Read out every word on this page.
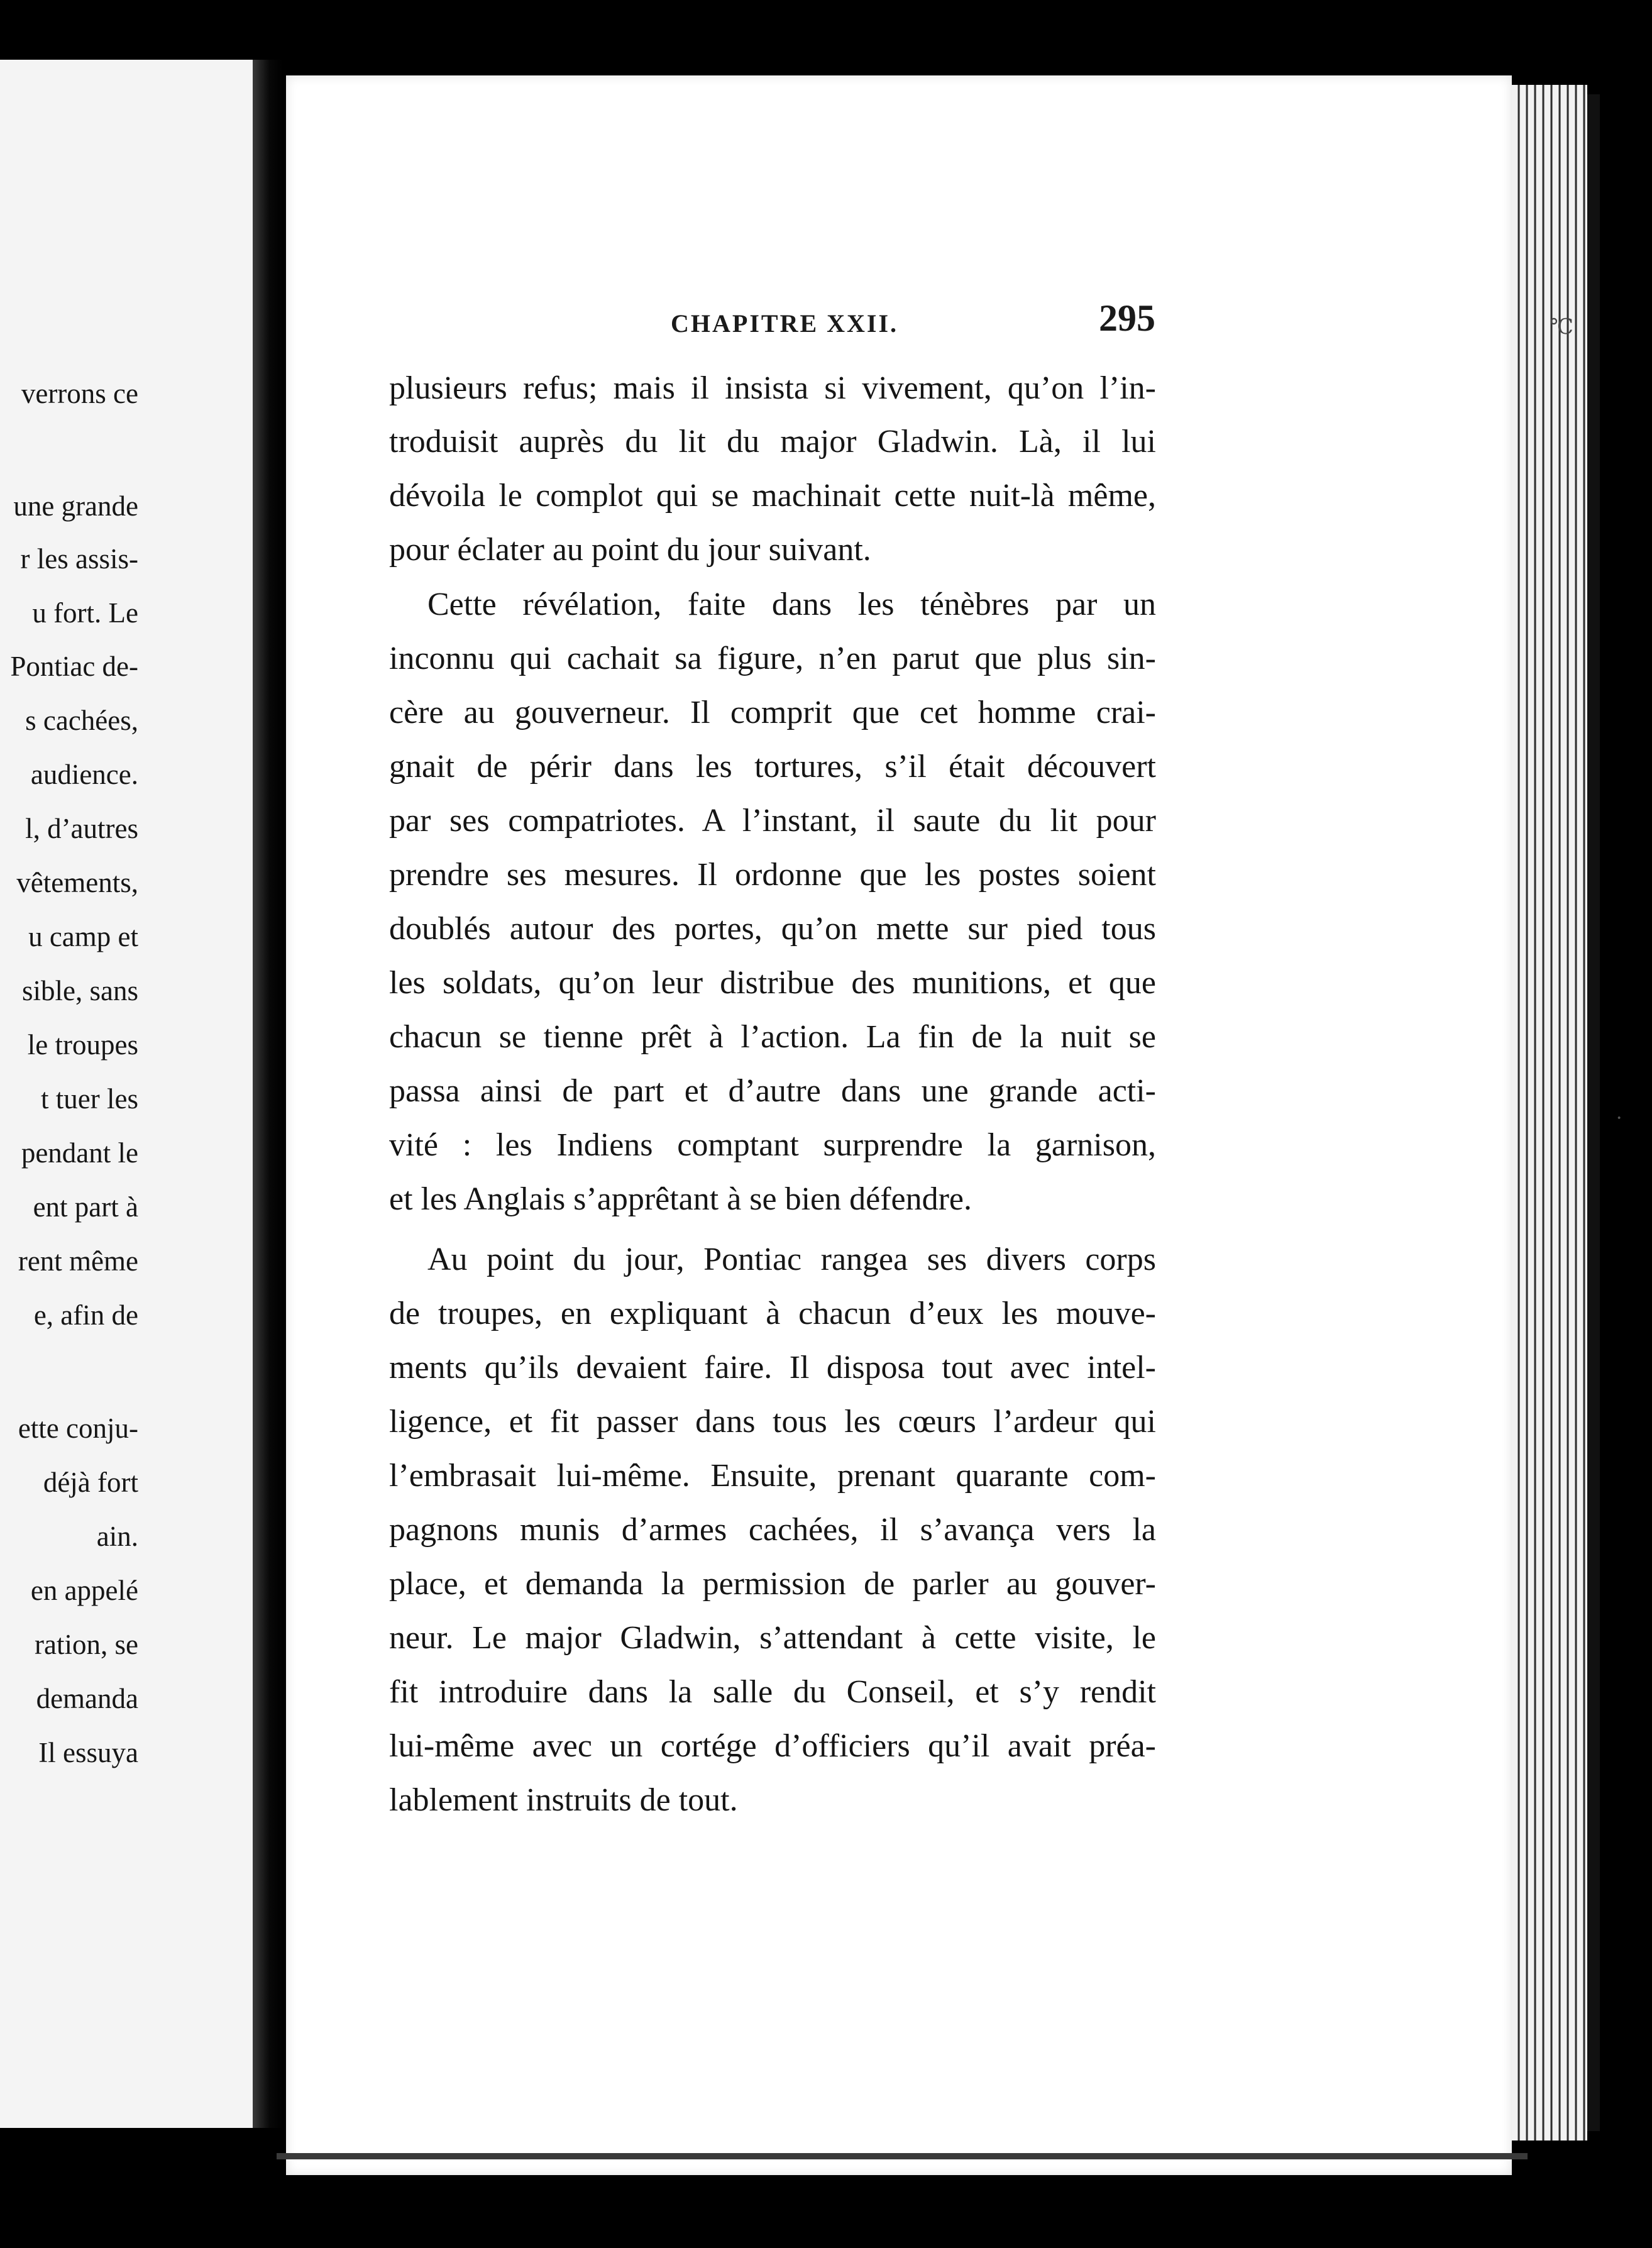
verrons ce
une grande
r les assis-
u fort. Le
Pontiac de-
s cachées,
audience.
l, d’autres
vêtements,
u camp et
sible, sans
le troupes
t tuer les
pendant le
ent part à
rent même
e, afin de
ette conju-
déjà fort
ain.
en appelé
ration, se
demanda
Il essuya
CHAPITRE XXII.	295
plusieurs refus; mais il insista si vivement, qu’on l’in-
troduisit auprès du lit du major Gladwin. Là, il lui
dévoila le complot qui se machinait cette nuit-là même,
pour éclater au point du jour suivant.
Cette révélation, faite dans les ténèbres par un
inconnu qui cachait sa figure, n’en parut que plus sin-
cère au gouverneur. Il comprit que cet homme crai-
gnait de périr dans les tortures, s’il était découvert
par ses compatriotes. A l’instant, il saute du lit pour
prendre ses mesures. Il ordonne que les postes soient
doublés autour des portes, qu’on mette sur pied tous
les soldats, qu’on leur distribue des munitions, et que
chacun se tienne prêt à l’action. La fin de la nuit se
passa ainsi de part et d’autre dans une grande acti-
vité : les Indiens comptant surprendre la garnison,
et les Anglais s’apprêtant à se bien défendre.
Au point du jour, Pontiac rangea ses divers corps
de troupes, en expliquant à chacun d’eux les mouve-
ments qu’ils devaient faire. Il disposa tout avec intel-
ligence, et fit passer dans tous les cœurs l’ardeur qui
l’embrasait lui-même. Ensuite, prenant quarante com-
pagnons munis d’armes cachées, il s’avança vers la
place, et demanda la permission de parler au gouver-
neur. Le major Gladwin, s’attendant à cette visite, le
fit introduire dans la salle du Conseil, et s’y rendit
lui-même avec un cortége d’officiers qu’il avait préa-
lablement instruits de tout.
℃
·
